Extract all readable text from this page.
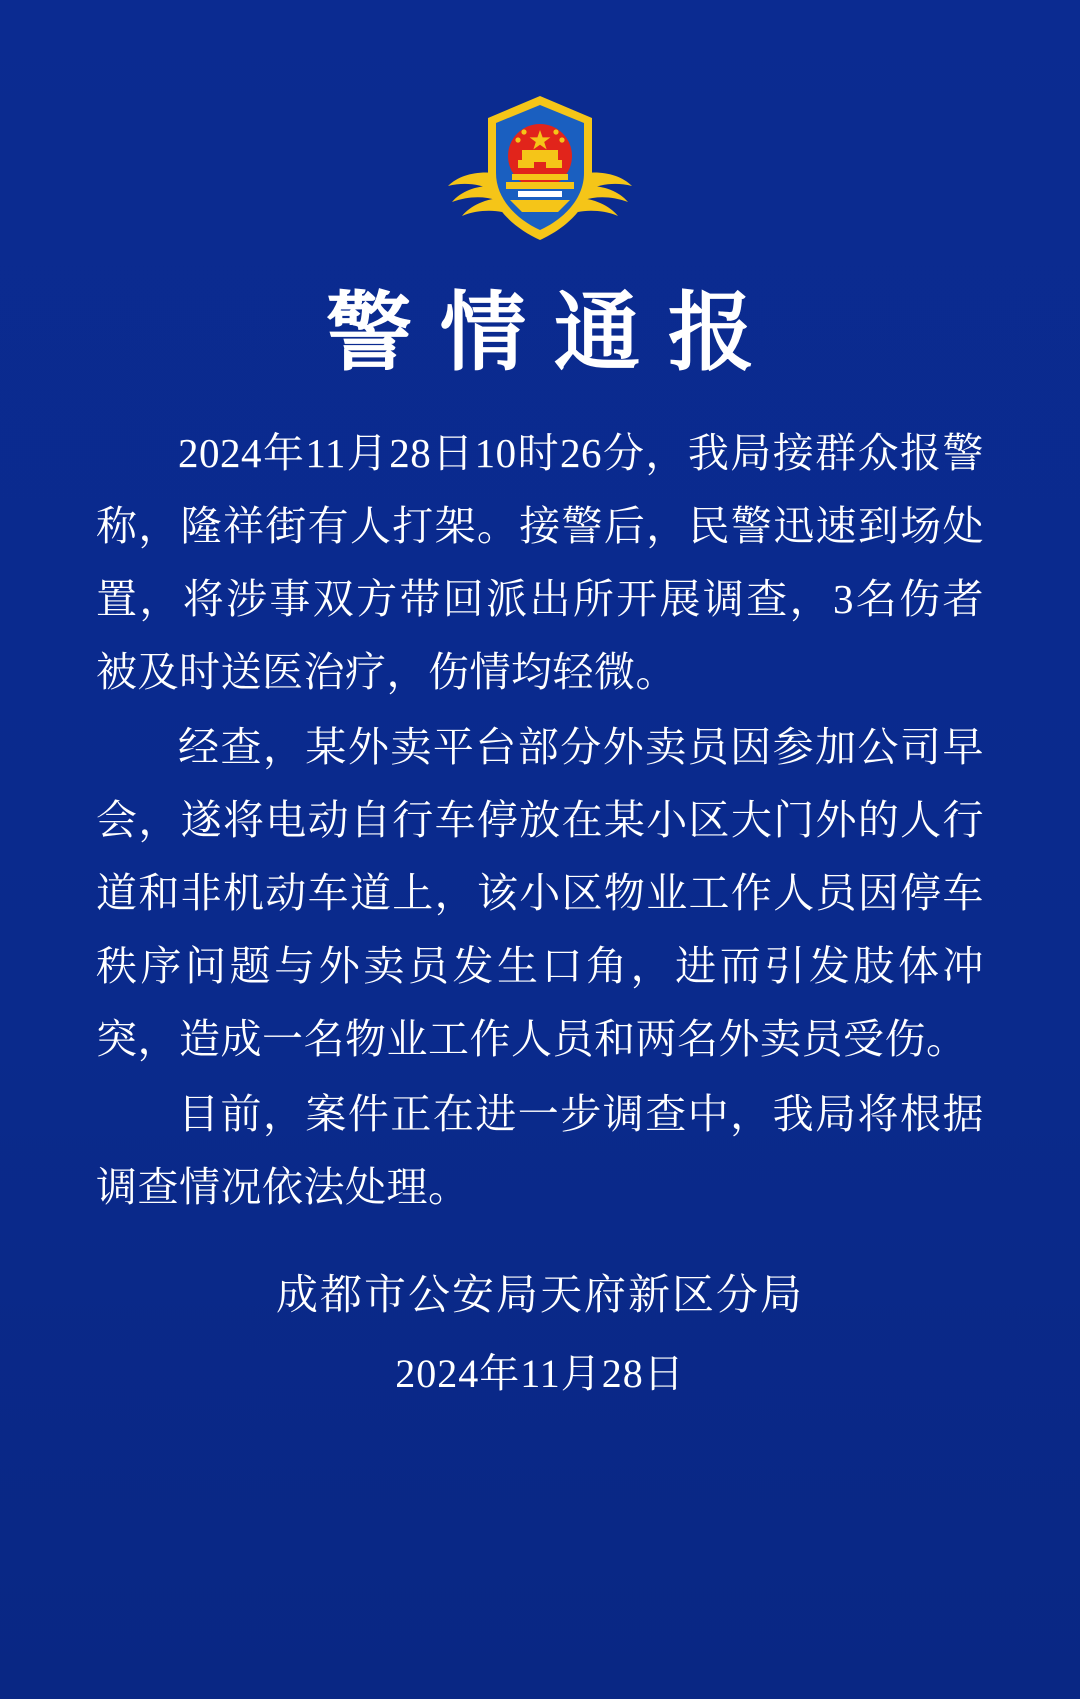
警情通报

2024年11月28日10时26分，我局接群众报警称，隆祥街有人打架。接警后，民警迅速到场处置，将涉事双方带回派出所开展调查，3名伤者被及时送医治疗，伤情均轻微。

经查，某外卖平台部分外卖员因参加公司早会，遂将电动自行车停放在某小区大门外的人行道和非机动车道上，该小区物业工作人员因停车秩序问题与外卖员发生口角，进而引发肢体冲突，造成一名物业工作人员和两名外卖员受伤。

目前，案件正在进一步调查中，我局将根据调查情况依法处理。

成都市公安局天府新区分局
2024年11月28日
